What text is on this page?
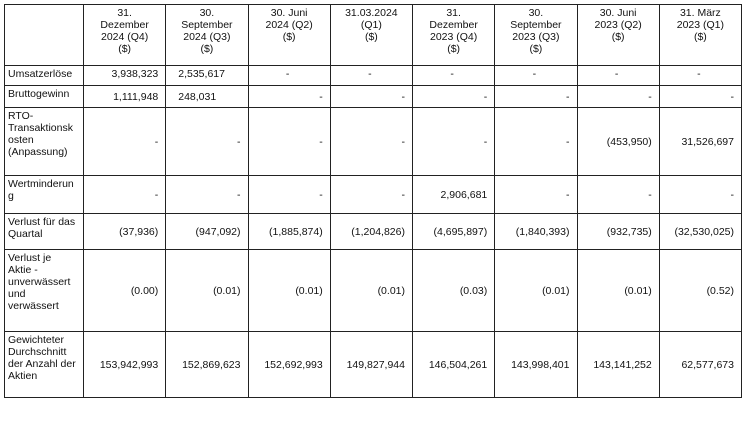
	31.
Dezember
2024 (Q4)
($)	30.
September
2024 (Q3)
($)	30. Juni
2024 (Q2)
($)	31.03.2024
(Q1)
($)	31.
Dezember
2023 (Q4)
($)	30.
September
2023 (Q3)
($)	30. Juni
2023 (Q2)
($)	31. März
2023 (Q1)
($)

Umsatzerlöse	3,938,323	2,535,617	-	-	-	-	-	-

Bruttogewinn	1,111,948	248,031	-	-	-	-	-	-

RTO-
Transaktionsk
osten
(Anpassung)	-	-	-	-	-	-	(453,950)	31,526,697

Wertminderun
g	-	-	-	-	2,906,681	-	-	-

Verlust für das
Quartal	(37,936)	(947,092)	(1,885,874)	(1,204,826)	(4,695,897)	(1,840,393)	(932,735)	(32,530,025)

Verlust je
Aktie -
unverwässert
und
verwässert	(0.00)	(0.01)	(0.01)	(0.01)	(0.03)	(0.01)	(0.01)	(0.52)

Gewichteter
Durchschnitt
der Anzahl der
Aktien	153,942,993	152,869,623	152,692,993	149,827,944	146,504,261	143,998,401	143,141,252	62,577,673
